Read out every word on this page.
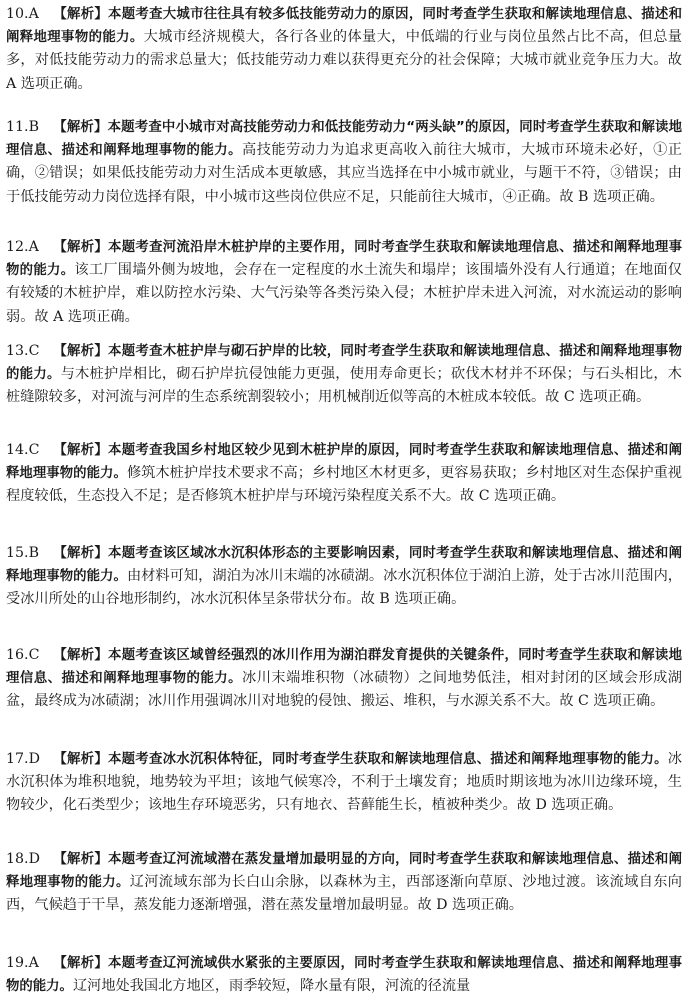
10.A 【解析】本题考查大城市往往具有较多低技能劳动力的原因，同时考查学生获取和解读地理信息、描述和阐释地理事物的能力。大城市经济规模大，各行各业的体量大，中低端的行业与岗位虽然占比不高，但总量多，对低技能劳动力的需求总量大；低技能劳动力难以获得更充分的社会保障；大城市就业竞争压力大。故 A 选项正确。
11.B 【解析】本题考查中小城市对高技能劳动力和低技能劳动力“两头缺”的原因，同时考查学生获取和解读地理信息、描述和阐释地理事物的能力。高技能劳动力为追求更高收入前往大城市，大城市环境未必好，①正确，②错误；如果低技能劳动力对生活成本更敏感，其应当选择在中小城市就业，与题干不符，③错误；由于低技能劳动力岗位选择有限，中小城市这些岗位供应不足，只能前往大城市，④正确。故 B 选项正确。
12.A 【解析】本题考查河流沿岸木桩护岸的主要作用，同时考查学生获取和解读地理信息、描述和阐释地理事物的能力。该工厂围墙外侧为坡地，会存在一定程度的水土流失和塌岸；该围墙外没有人行通道；在地面仅有较矮的木桩护岸，难以防控水污染、大气污染等各类污染入侵；木桩护岸未进入河流，对水流运动的影响弱。故 A 选项正确。
13.C 【解析】本题考查木桩护岸与砌石护岸的比较，同时考查学生获取和解读地理信息、描述和阐释地理事物的能力。与木桩护岸相比，砌石护岸抗侵蚀能力更强，使用寿命更长；砍伐木材并不环保；与石头相比，木桩缝隙较多，对河流与河岸的生态系统割裂较小；用机械削近似等高的木桩成本较低。故 C 选项正确。
14.C 【解析】本题考查我国乡村地区较少见到木桩护岸的原因，同时考查学生获取和解读地理信息、描述和阐释地理事物的能力。修筑木桩护岸技术要求不高；乡村地区木材更多，更容易获取；乡村地区对生态保护重视程度较低，生态投入不足；是否修筑木桩护岸与环境污染程度关系不大。故 C 选项正确。
15.B 【解析】本题考查该区域冰水沉积体形态的主要影响因素，同时考查学生获取和解读地理信息、描述和阐释地理事物的能力。由材料可知，湖泊为冰川末端的冰碛湖。冰水沉积体位于湖泊上游，处于古冰川范围内，受冰川所处的山谷地形制约，冰水沉积体呈条带状分布。故 B 选项正确。
16.C 【解析】本题考查该区域曾经强烈的冰川作用为湖泊群发育提供的关键条件，同时考查学生获取和解读地理信息、描述和阐释地理事物的能力。冰川末端堆积物（冰碛物）之间地势低洼，相对封闭的区域会形成湖盆，最终成为冰碛湖；冰川作用强调冰川对地貌的侵蚀、搬运、堆积，与水源关系不大。故 C 选项正确。
17.D 【解析】本题考查冰水沉积体特征，同时考查学生获取和解读地理信息、描述和阐释地理事物的能力。冰水沉积体为堆积地貌，地势较为平坦；该地气候寒冷，不利于土壤发育；地质时期该地为冰川边缘环境，生物较少，化石类型少；该地生存环境恶劣，只有地衣、苔藓能生长，植被种类少。故 D 选项正确。
18.D 【解析】本题考查辽河流域潜在蒸发量增加最明显的方向，同时考查学生获取和解读地理信息、描述和阐释地理事物的能力。辽河流域东部为长白山余脉，以森林为主，西部逐渐向草原、沙地过渡。该流域自东向西，气候趋于干旱，蒸发能力逐渐增强，潜在蒸发量增加最明显。故 D 选项正确。
19.A 【解析】本题考查辽河流域供水紧张的主要原因，同时考查学生获取和解读地理信息、描述和阐释地理事物的能力。辽河地处我国北方地区，雨季较短，降水量有限，河流的径流量
